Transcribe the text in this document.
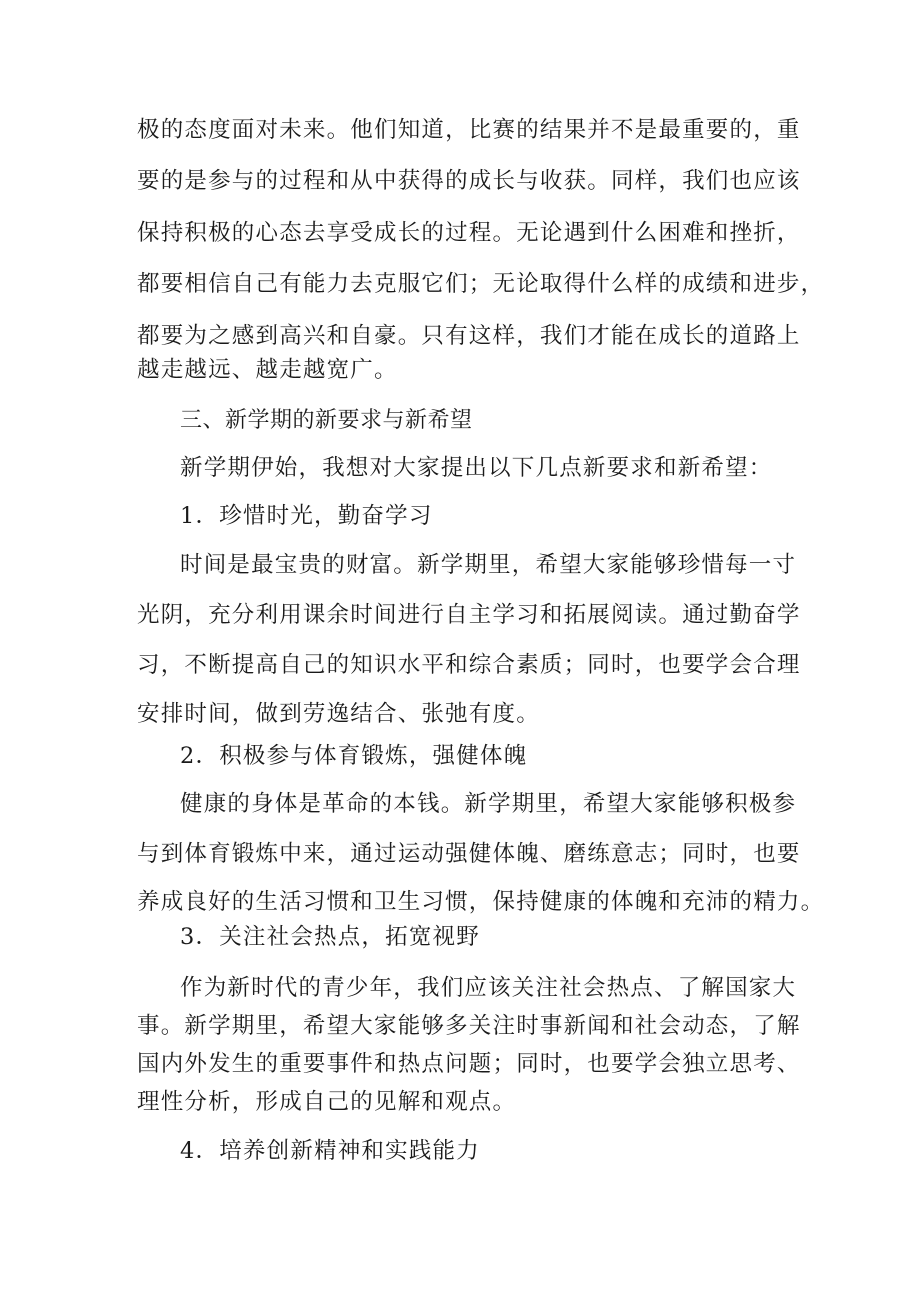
极的态度面对未来。他们知道，比赛的结果并不是最重要的，重
要的是参与的过程和从中获得的成长与收获。同样，我们也应该
保持积极的心态去享受成长的过程。无论遇到什么困难和挫折，
都要相信自己有能力去克服它们；无论取得什么样的成绩和进步，
都要为之感到高兴和自豪。只有这样，我们才能在成长的道路上
越走越远、越走越宽广。
三、新学期的新要求与新希望
新学期伊始，我想对大家提出以下几点新要求和新希望：
1．珍惜时光，勤奋学习
时间是最宝贵的财富。新学期里，希望大家能够珍惜每一寸
光阴，充分利用课余时间进行自主学习和拓展阅读。通过勤奋学
习，不断提高自己的知识水平和综合素质；同时，也要学会合理
安排时间，做到劳逸结合、张弛有度。
2．积极参与体育锻炼，强健体魄
健康的身体是革命的本钱。新学期里，希望大家能够积极参
与到体育锻炼中来，通过运动强健体魄、磨练意志；同时，也要
养成良好的生活习惯和卫生习惯，保持健康的体魄和充沛的精力。
3．关注社会热点，拓宽视野
作为新时代的青少年，我们应该关注社会热点、了解国家大
事。新学期里，希望大家能够多关注时事新闻和社会动态，了解
国内外发生的重要事件和热点问题；同时，也要学会独立思考、
理性分析，形成自己的见解和观点。
4．培养创新精神和实践能力
